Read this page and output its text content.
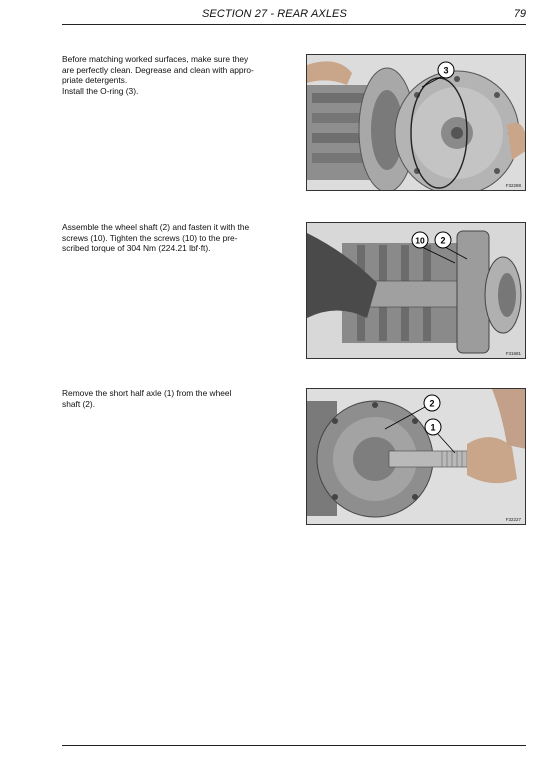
SECTION 27 - REAR AXLES	79
Before matching worked surfaces, make sure they
are perfectly clean. Degrease and clean with appro-
priate detergents.
Install the O-ring (3).
3
F32288
Assemble the wheel shaft (2) and fasten it with the
screws (10). Tighten the screws (10) to the pre-
scribed torque of 304 Nm (224.21 lbf·ft).
10 2
F31681
Remove the short half axle (1) from the wheel
shaft (2).	2
1
F32227
